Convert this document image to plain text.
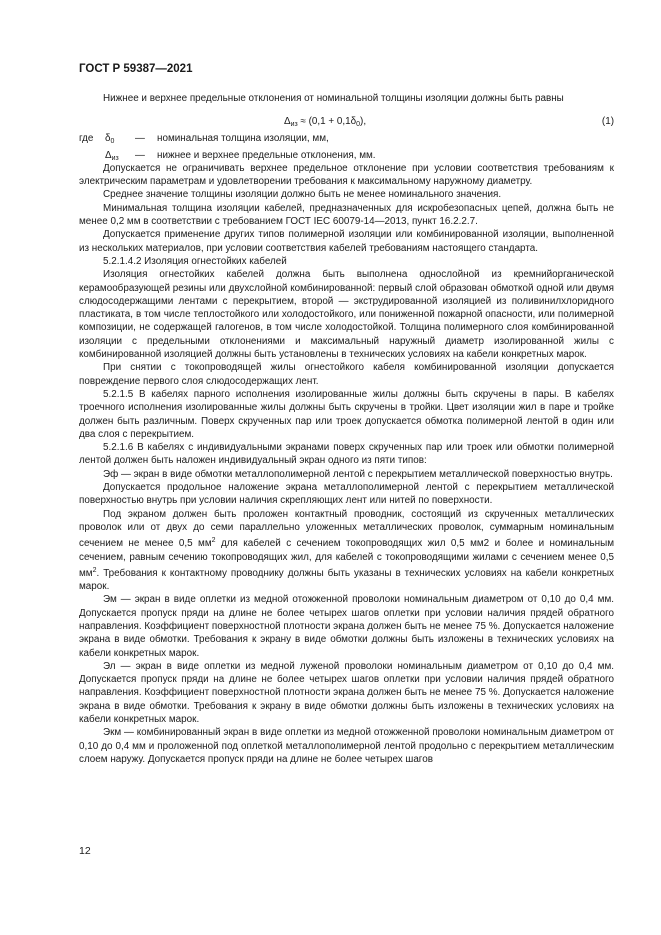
ГОСТ Р 59387—2021

Нижнее и верхнее предельные отклонения от номинальной толщины изоляции должны быть равны

$\Delta_{из} \approx (0,1 + 0,1\delta_0)$,	(1)
где $\delta_0$ — номинальная толщина изоляции, мм,
$\Delta_{из}$ — нижнее и верхнее предельные отклонения, мм.

Допускается не ограничивать верхнее предельное отклонение при условии соответствия требованиям к электрическим параметрам и удовлетворении требования к максимальному наружному диаметру.

Среднее значение толщины изоляции должно быть не менее номинального значения.

Минимальная толщина изоляции кабелей, предназначенных для искробезопасных цепей, должна быть не менее 0,2 мм в соответствии с требованием ГОСТ IEC 60079-14—2013, пункт 16.2.2.7.

Допускается применение других типов полимерной изоляции или комбинированной изоляции, выполненной из нескольких материалов, при условии соответствия кабелей требованиям настоящего стандарта.

5.2.1.4.2 Изоляция огнестойких кабелей

Изоляция огнестойких кабелей должна быть выполнена однослойной из кремнийорганической керамообразующей резины или двухслойной комбинированной: первый слой образован обмоткой одной или двумя слюдосодержащими лентами с перекрытием, второй — экструдированной изоляцией из поливинилхлоридного пластиката, в том числе теплостойкого или холодостойкого, или пониженной пожарной опасности, или полимерной композиции, не содержащей галогенов, в том числе холодостойкой. Толщина полимерного слоя комбинированной изоляции с предельными отклонениями и максимальный наружный диаметр изолированной жилы с комбинированной изоляцией должны быть установлены в технических условиях на кабели конкретных марок.

При снятии с токопроводящей жилы огнестойкого кабеля комбинированной изоляции допускается повреждение первого слоя слюдосодержащих лент.

5.2.1.5 В кабелях парного исполнения изолированные жилы должны быть скручены в пары. В кабелях троечного исполнения изолированные жилы должны быть скручены в тройки. Цвет изоляции жил в паре и тройке должен быть различным. Поверх скрученных пар или троек допускается обмотка полимерной лентой в один или два слоя с перекрытием.

5.2.1.6 В кабелях с индивидуальными экранами поверх скрученных пар или троек или обмотки полимерной лентой должен быть наложен индивидуальный экран одного из пяти типов:

Эф — экран в виде обмотки металлополимерной лентой с перекрытием металлической поверхностью внутрь.

Допускается продольное наложение экрана металлополимерной лентой с перекрытием металлической поверхностью внутрь при условии наличия скрепляющих лент или нитей по поверхности.

Под экраном должен быть проложен контактный проводник, состоящий из скрученных металлических проволок или от двух до семи параллельно уложенных металлических проволок, суммарным номинальным сечением не менее 0,5 $мм^2$ для кабелей с сечением токопроводящих жил 0,5 мм2 и более и номинальным сечением, равным сечению токопроводящих жил, для кабелей с токопроводящими жилами с сечением менее 0,5 $мм^2$. Требования к контактному проводнику должны быть указаны в технических условиях на кабели конкретных марок.

Эм — экран в виде оплетки из медной отожженной проволоки номинальным диаметром от 0,10 до 0,4 мм. Допускается пропуск пряди на длине не более четырех шагов оплетки при условии наличия прядей обратного направления. Коэффициент поверхностной плотности экрана должен быть не менее 75 %. Допускается наложение экрана в виде обмотки. Требования к экрану в виде обмотки должны быть изложены в технических условиях на кабели конкретных марок.

Эл — экран в виде оплетки из медной луженой проволоки номинальным диаметром от 0,10 до 0,4 мм. Допускается пропуск пряди на длине не более четырех шагов оплетки при условии наличия прядей обратного направления. Коэффициент поверхностной плотности экрана должен быть не менее 75 %. Допускается наложение экрана в виде обмотки. Требования к экрану в виде обмотки должны быть изложены в технических условиях на кабели конкретных марок.

Экм — комбинированный экран в виде оплетки из медной отожженной проволоки номинальным диаметром от 0,10 до 0,4 мм и проложенной под оплеткой металлополимерной лентой продольно с перекрытием металлическим слоем наружу. Допускается пропуск пряди на длине не более четырех шагов

12
